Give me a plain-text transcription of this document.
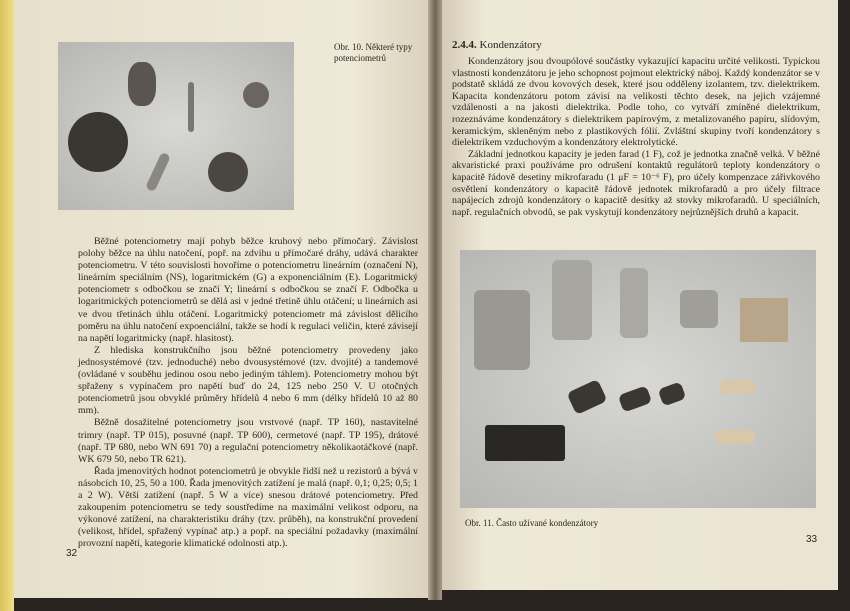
Obr. 10. Některé typy potenciometrů

Běžné potenciometry mají pohyb běžce kruhový nebo přímočarý. Závislost polohy běžce na úhlu natočení, popř. na zdvihu u přímočaré dráhy, udává charakter potenciometru. V této souvislosti hovoříme o potenciometru lineárním (označení N), lineárním speciálním (NS), logaritmickém (G) a exponenciálním (E). Logaritmický potenciometr s odbočkou se značí Y; lineární s odbočkou se značí F. Odbočka u logaritmických potenciometrů se dělá asi v jedné třetině úhlu otáčení; u lineárních asi ve dvou třetinách úhlu otáčení. Logaritmický potenciometr má závislost dělicího poměru na úhlu natočení expoenciální, takže se hodí k regulaci veličin, které závisejí na napětí logaritmicky (např. hlasitost).

Z hlediska konstrukčního jsou běžné potenciometry provedeny jako jednosystémové (tzv. jednoduché) nebo dvousystémové (tzv. dvojité) a tandemové (ovládané v souběhu jedinou osou nebo jediným táhlem). Potenciometry mohou být spřaženy s vypínačem pro napětí buď do 24, 125 nebo 250 V. U otočných potenciometrů jsou obvyklé průměry hřídelů 4 nebo 6 mm (délky hřídelů 10 až 80 mm).

Běžně dosažitelné potenciometry jsou vrstvové (např. TP 160), nastavitelné trimry (např. TP 015), posuvné (např. TP 600), cermetové (např. TP 195), drátové (např. TP 680, nebo WN 691 70) a regulační potenciometry několikaotáčkové (např. WK 679 50, nebo TR 621).

Řada jmenovitých hodnot potenciometrů je obvykle řidší než u rezistorů a bývá v násobcích 10, 25, 50 a 100. Řada jmenovitých zatížení je malá (např. 0,1; 0,25; 0,5; 1 a 2 W). Větší zatížení (např. 5 W a více) snesou drátové potenciometry. Před zakoupením potenciometru se tedy soustředíme na maximální velikost odporu, na výkonové zatížení, na charakteristiku dráhy (tzv. průběh), na konstrukční provedení (velikost, hřídel, spřažený vypínač atp.) a popř. na speciální požadavky (maximální provozní napětí, kategorie klimatické odolnosti atp.).

32
2.4.4. Kondenzátory

Kondenzátory jsou dvoupólové součástky vykazující kapacitu určité velikosti. Typickou vlastností kondenzátoru je jeho schopnost pojmout elektrický náboj. Každý kondenzátor se v podstatě skládá ze dvou kovových desek, které jsou odděleny izolantem, tzv. dielektrikem. Kapacita kondenzátoru potom závisí na velikosti těchto desek, na jejich vzájemné vzdálenosti a na jakosti dielektrika. Podle toho, co vytváří zmíněné dielektrikum, rozeznáváme kondenzátory s dielektrikem papírovým, z metalizovaného papíru, slídovým, keramickým, skleněným nebo z plastikových fólií. Zvláštní skupiny tvoří kondenzátory s dielektrikem vzduchovým a kondenzátory elektrolytické.

Základní jednotkou kapacity je jeden farad (1 F), což je jednotka značně velká. V běžné akvaristické praxi používáme pro odrušení kontaktů regulátorů teploty kondenzátory o kapacitě řádově desetiny mikrofaradu (1 μF = 10⁻⁶ F), pro účely kompenzace zářivkového osvětlení kondenzátory o kapacitě řádově jednotek mikrofaradů a pro účely filtrace napájecích zdrojů kondenzátory o kapacitě desítky až stovky mikrofaradů. U speciálních, např. regulačních obvodů, se pak vyskytují kondenzátory nejrůznějších druhů a kapacit.

Obr. 11. Často užívané kondenzátory
33
